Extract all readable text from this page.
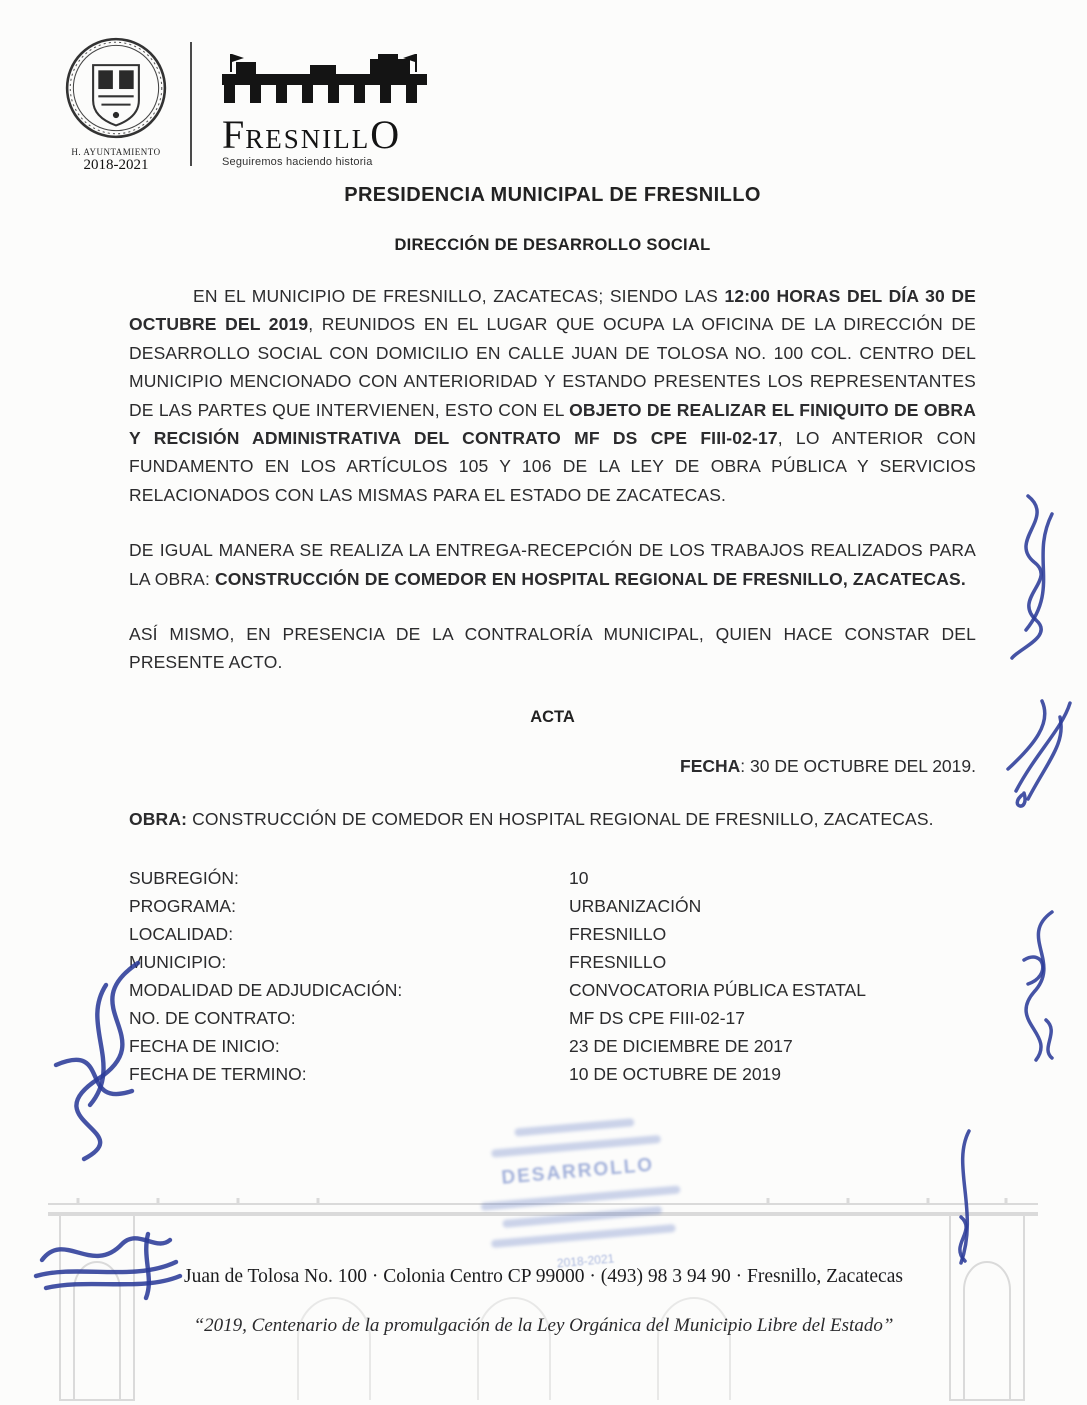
DESARROLLO
2018-2021
H. AYUNTAMIENTO
2018-2021
FRESNILLO
Seguiremos haciendo historia
PRESIDENCIA MUNICIPAL DE FRESNILLO
DIRECCIÓN DE DESARROLLO SOCIAL

EN EL MUNICIPIO DE FRESNILLO, ZACATECAS; SIENDO LAS 12:00 HORAS DEL DÍA 30 DE OCTUBRE DEL 2019, REUNIDOS EN EL LUGAR QUE OCUPA LA OFICINA DE LA DIRECCIÓN DE DESARROLLO SOCIAL CON DOMICILIO EN CALLE JUAN DE TOLOSA NO. 100 COL. CENTRO DEL MUNICIPIO MENCIONADO CON ANTERIORIDAD Y ESTANDO PRESENTES LOS REPRESENTANTES DE LAS PARTES QUE INTERVIENEN, ESTO CON EL OBJETO DE REALIZAR EL FINIQUITO DE OBRA Y RECISIÓN ADMINISTRATIVA DEL CONTRATO MF DS CPE FIII-02-17, LO ANTERIOR CON FUNDAMENTO EN LOS ARTÍCULOS 105 Y 106 DE LA LEY DE OBRA PÚBLICA Y SERVICIOS RELACIONADOS CON LAS MISMAS PARA EL ESTADO DE ZACATECAS.

DE IGUAL MANERA SE REALIZA LA ENTREGA-RECEPCIÓN DE LOS TRABAJOS REALIZADOS PARA LA OBRA: CONSTRUCCIÓN DE COMEDOR EN HOSPITAL REGIONAL DE FRESNILLO, ZACATECAS.

ASÍ MISMO, EN PRESENCIA DE LA CONTRALORÍA MUNICIPAL, QUIEN HACE CONSTAR DEL PRESENTE ACTO.

ACTA
FECHA: 30 DE OCTUBRE DEL 2019.

OBRA: CONSTRUCCIÓN DE COMEDOR EN HOSPITAL REGIONAL DE FRESNILLO, ZACATECAS.

SUBREGIÓN:	10
PROGRAMA:	URBANIZACIÓN
LOCALIDAD:	FRESNILLO
MUNICIPIO:	FRESNILLO
MODALIDAD DE ADJUDICACIÓN:	CONVOCATORIA PÚBLICA ESTATAL
NO. DE CONTRATO:	MF DS CPE FIII-02-17
FECHA DE INICIO:	23 DE DICIEMBRE DE 2017
FECHA DE TERMINO:	10 DE OCTUBRE DE 2019
Juan de Tolosa No. 100 · Colonia Centro CP 99000 · (493) 98 3 94 90 · Fresnillo, Zacatecas
“2019, Centenario de la promulgación de la Ley Orgánica del Municipio Libre del Estado”
